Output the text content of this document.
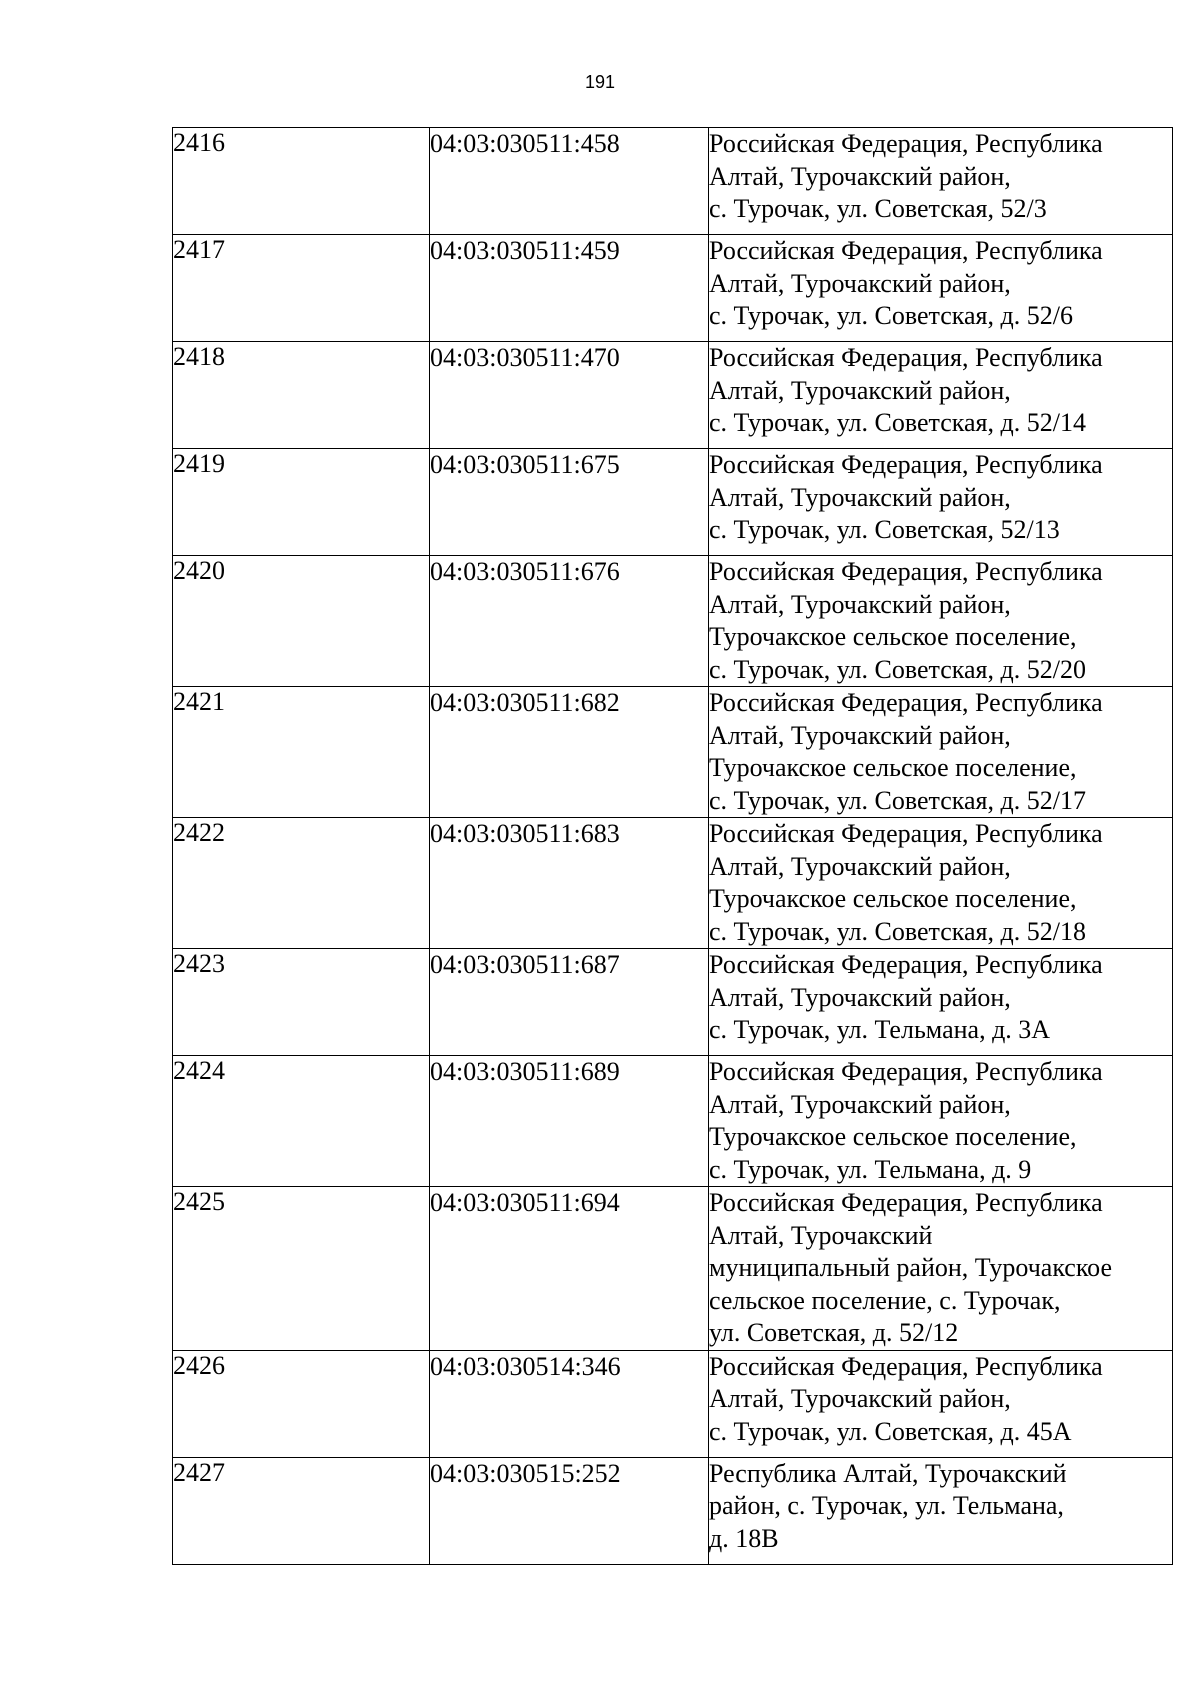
191
2416	04:03:030511:458	Российская Федерация, Республика
Алтай, Турочакский район,
с. Турочак, ул. Советская, 52/3

2417	04:03:030511:459	Российская Федерация, Республика
Алтай, Турочакский район,
с. Турочак, ул. Советская, д. 52/6

2418	04:03:030511:470	Российская Федерация, Республика
Алтай, Турочакский район,
с. Турочак, ул. Советская, д. 52/14

2419	04:03:030511:675	Российская Федерация, Республика
Алтай, Турочакский район,
с. Турочак, ул. Советская, 52/13

2420	04:03:030511:676	Российская Федерация, Республика
Алтай, Турочакский район,
Турочакское сельское поселение,
с. Турочак, ул. Советская, д. 52/20

2421	04:03:030511:682	Российская Федерация, Республика
Алтай, Турочакский район,
Турочакское сельское поселение,
с. Турочак, ул. Советская, д. 52/17

2422	04:03:030511:683	Российская Федерация, Республика
Алтай, Турочакский район,
Турочакское сельское поселение,
с. Турочак, ул. Советская, д. 52/18

2423	04:03:030511:687	Российская Федерация, Республика
Алтай, Турочакский район,
с. Турочак, ул. Тельмана, д. 3А

2424	04:03:030511:689	Российская Федерация, Республика
Алтай, Турочакский район,
Турочакское сельское поселение,
с. Турочак, ул. Тельмана, д. 9

2425	04:03:030511:694	Российская Федерация, Республика
Алтай, Турочакский
муниципальный район, Турочакское
сельское поселение, с. Турочак,
ул. Советская, д. 52/12

2426	04:03:030514:346	Российская Федерация, Республика
Алтай, Турочакский район,
с. Турочак, ул. Советская, д. 45А

2427	04:03:030515:252	Республика Алтай, Турочакский
район, с. Турочак, ул. Тельмана,
д. 18В
